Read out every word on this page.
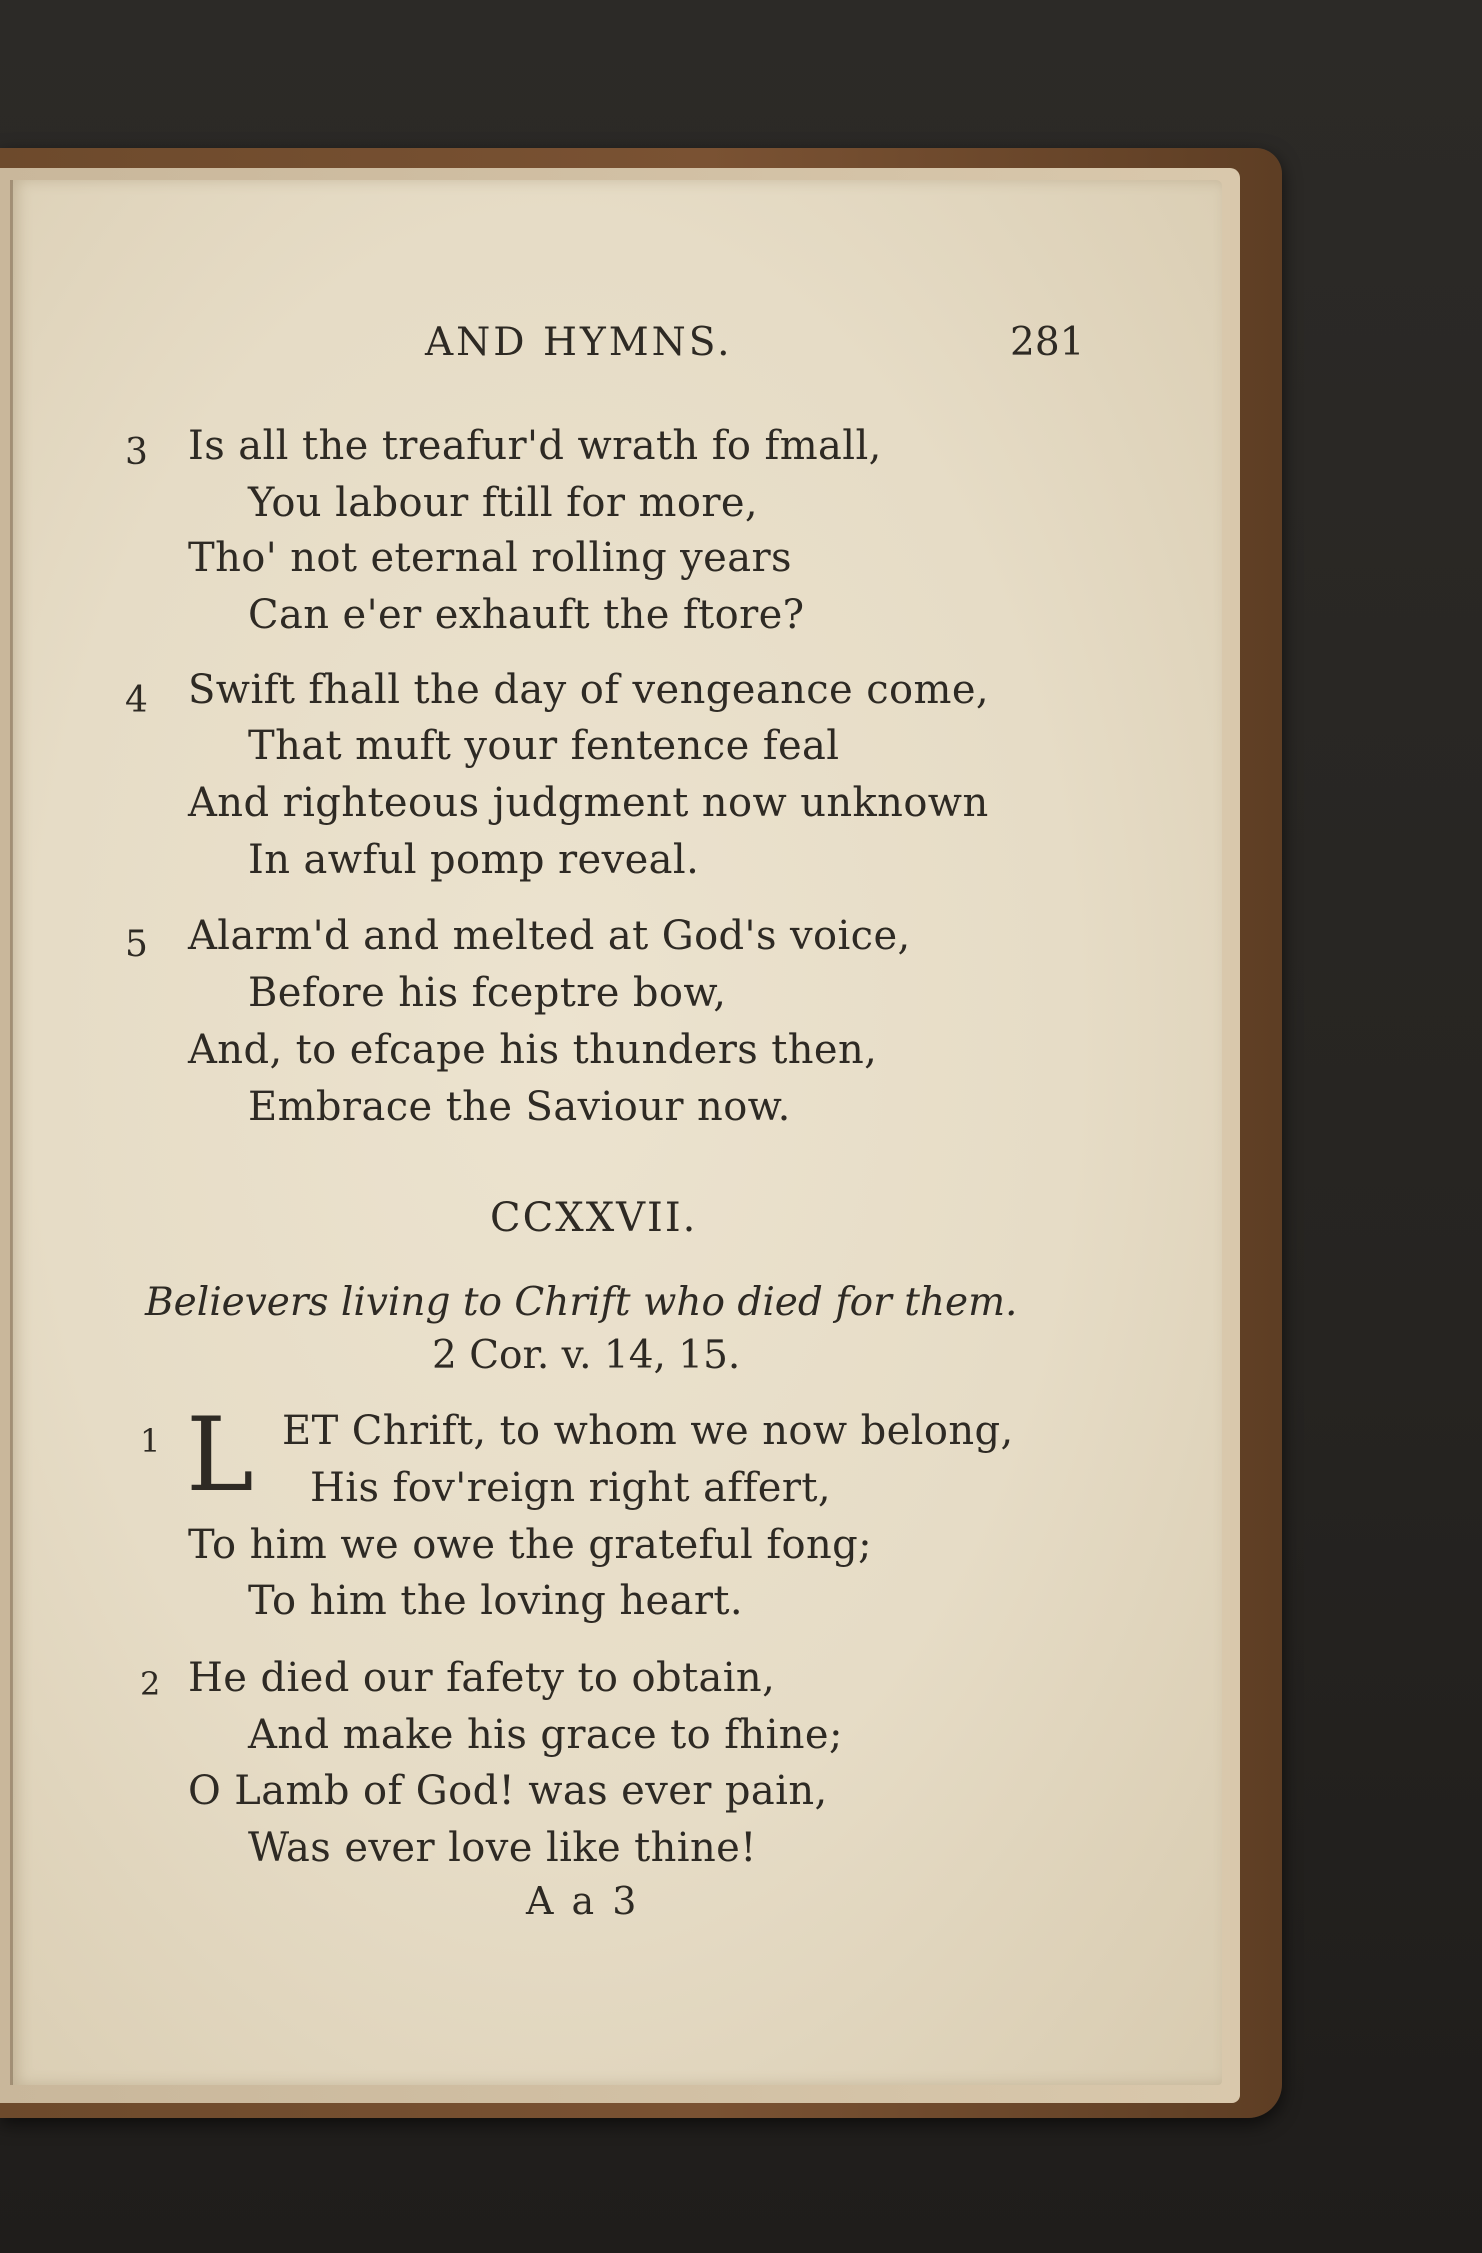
AND HYMNS.	281
3 Is all the treafur'd wrath fo fmall,
You labour ftill for more,
Tho' not eternal rolling years
Can e'er exhauft the ftore?
4 Swift fhall the day of vengeance come,
That muft your fentence feal
And righteous judgment now unknown
In awful pomp reveal.
5 Alarm'd and melted at God's voice,
Before his fceptre bow,
And, to efcape his thunders then,
Embrace the Saviour now.
CCXXVII.
Believers living to Chrift who died for them.
2 Cor. v. 14, 15.
1 L ET Chrift, to whom we now belong,
His fov'reign right affert,
To him we owe the grateful fong;
To him the loving heart.
2 He died our fafety to obtain,
And make his grace to fhine;
O Lamb of God! was ever pain,
Was ever love like thine!
A a 3
